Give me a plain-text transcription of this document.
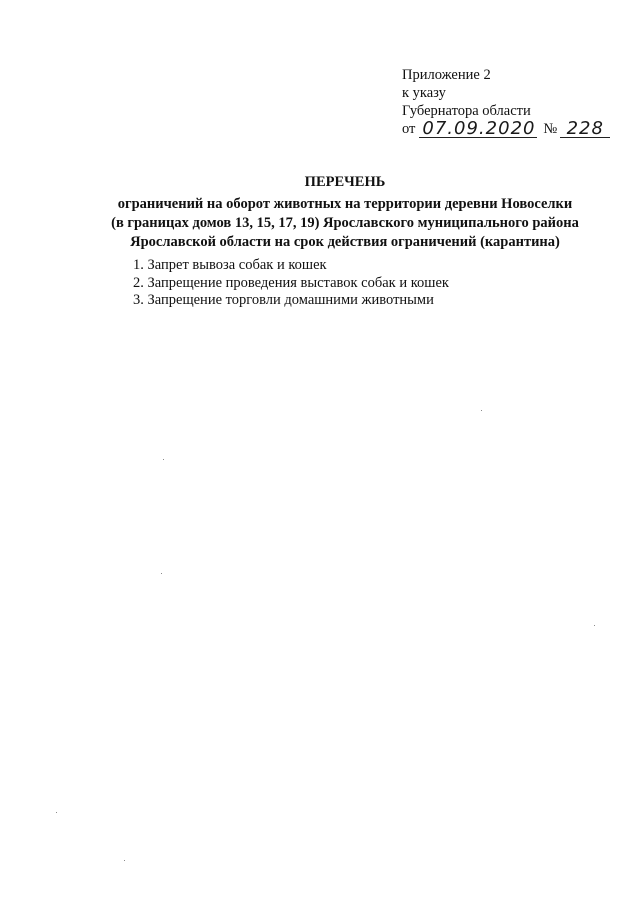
Приложение 2
к указу
Губернатора области
от 07.09.2020 № 228
ПЕРЕЧЕНЬ
ограничений на оборот животных на территории деревни Новоселки
(в границах домов 13, 15, 17, 19) Ярославского муниципального района
Ярославской области на срок действия ограничений (карантина)
1. Запрет вывоза собак и кошек
2. Запрещение проведения выставок собак и кошек
3. Запрещение торговли домашними животными
